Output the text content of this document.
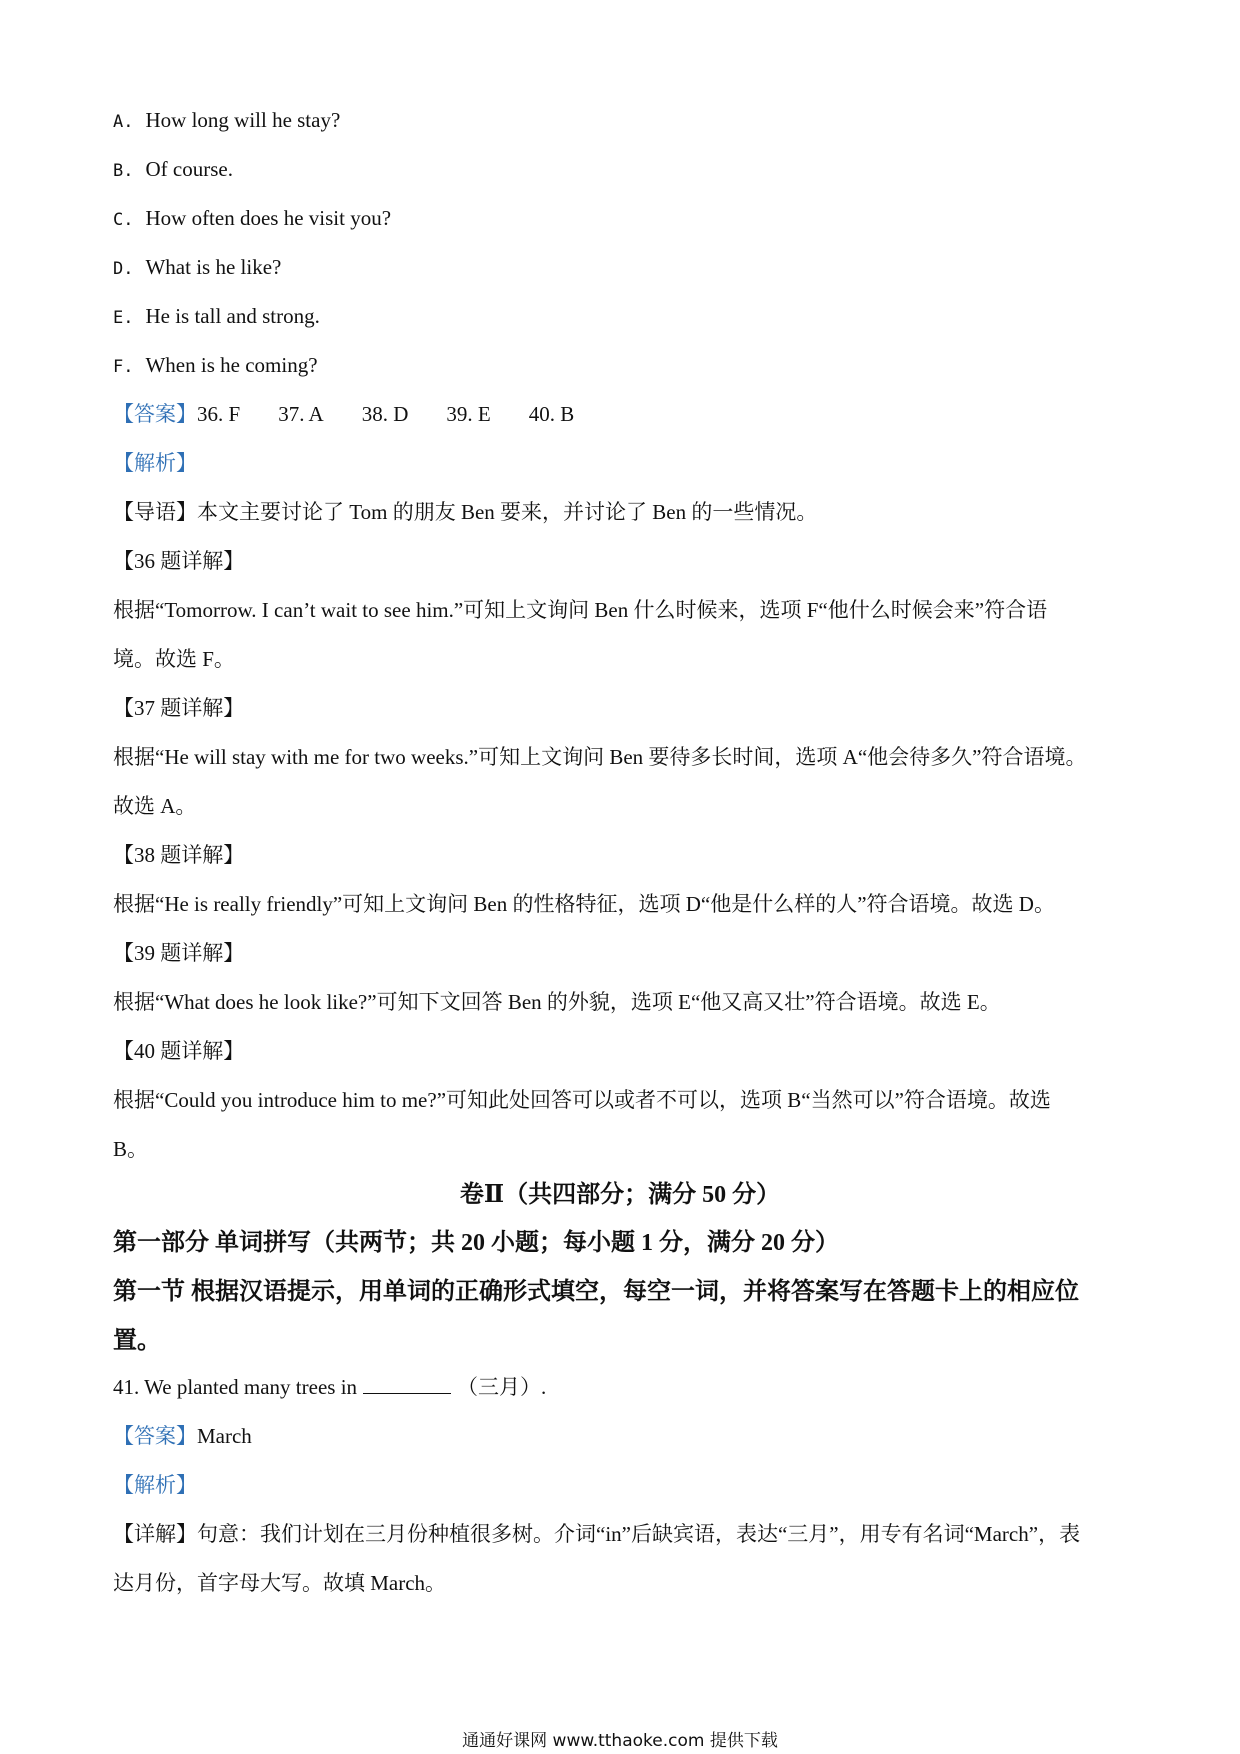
A. How long will he stay?
B. Of course.
C. How often does he visit you?
D. What is he like?
E. He is tall and strong.
F. When is he coming?
【答案】36. F 37. A 38. D 39. E 40. B
【解析】
【导语】本文主要讨论了 Tom 的朋友 Ben 要来，并讨论了 Ben 的一些情况。
【36 题详解】
根据“Tomorrow. I can’t wait to see him.”可知上文询问 Ben 什么时候来，选项 F“他什么时候会来”符合语
境。故选 F。
【37 题详解】
根据“He will stay with me for two weeks.”可知上文询问 Ben 要待多长时间，选项 A“他会待多久”符合语境。
故选 A。
【38 题详解】
根据“He is really friendly”可知上文询问 Ben 的性格特征，选项 D“他是什么样的人”符合语境。故选 D。
【39 题详解】
根据“What does he look like?”可知下文回答 Ben 的外貌，选项 E“他又高又壮”符合语境。故选 E。
【40 题详解】
根据“Could you introduce him to me?”可知此处回答可以或者不可以，选项 B“当然可以”符合语境。故选
B。
卷Ⅱ（共四部分；满分 50 分）
第一部分 单词拼写（共两节；共 20 小题；每小题 1 分，满分 20 分）
第一节 根据汉语提示，用单词的正确形式填空，每空一词，并将答案写在答题卡上的相应位
置。
41. We planted many trees in	（三月）.
【答案】March
【解析】
【详解】句意：我们计划在三月份种植很多树。介词“in”后缺宾语，表达“三月”，用专有名词“March”，表
达月份，首字母大写。故填 March。
通通好课网 www.tthaoke.com 提供下载
